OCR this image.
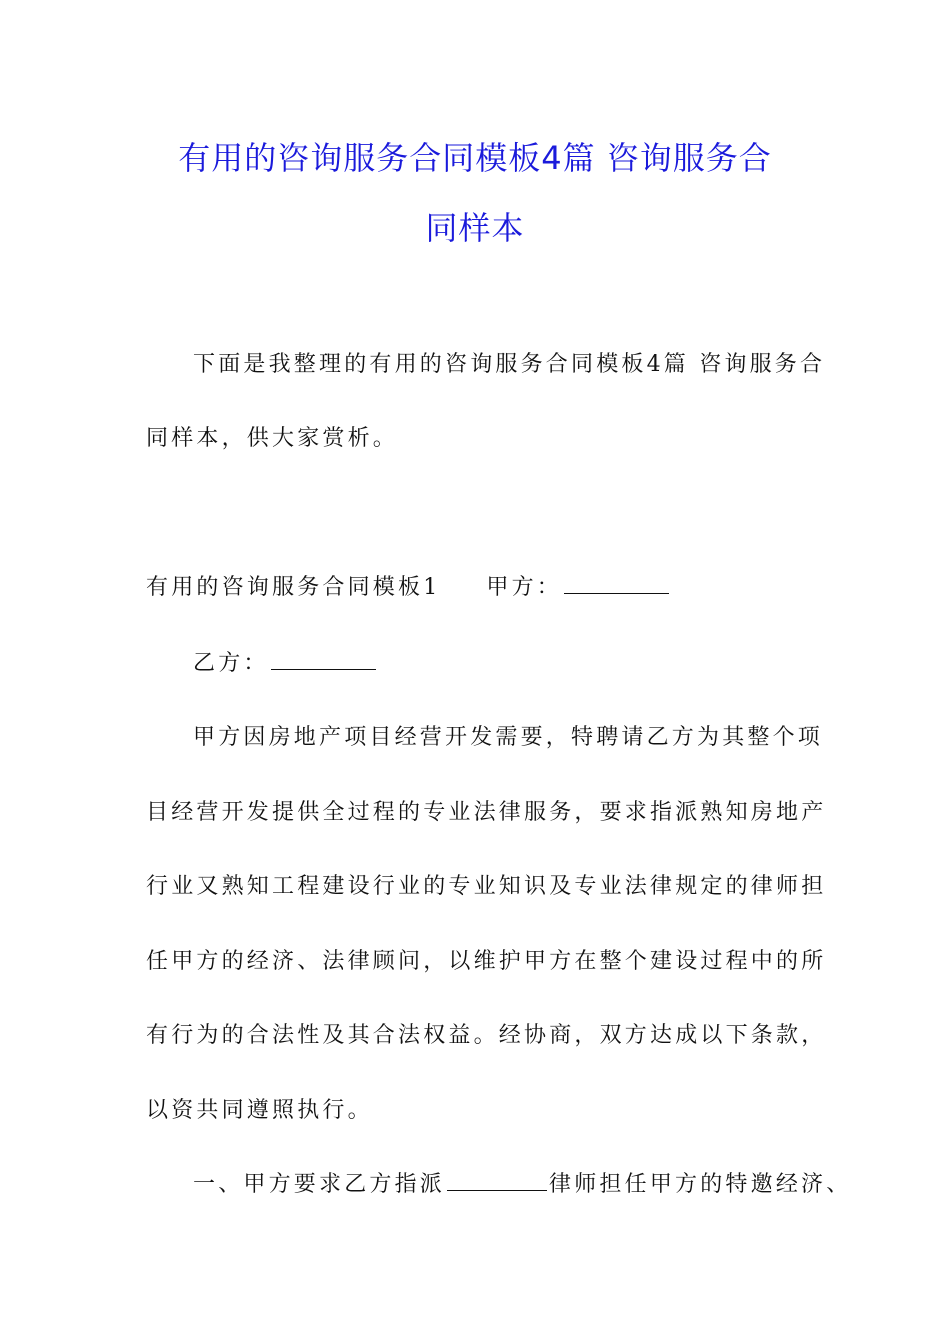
有用的咨询服务合同模板4篇 咨询服务合
同样本
下面是我整理的有用的咨询服务合同模板4篇 咨询服务合
同样本，供大家赏析。
有用的咨询服务合同模板1 甲方：
乙方：
甲方因房地产项目经营开发需要，特聘请乙方为其整个项
目经营开发提供全过程的专业法律服务，要求指派熟知房地产
行业又熟知工程建设行业的专业知识及专业法律规定的律师担
任甲方的经济、法律顾问，以维护甲方在整个建设过程中的所
有行为的合法性及其合法权益。经协商，双方达成以下条款，
以资共同遵照执行。
一、甲方要求乙方指派	律师担任甲方的特邀经济、
